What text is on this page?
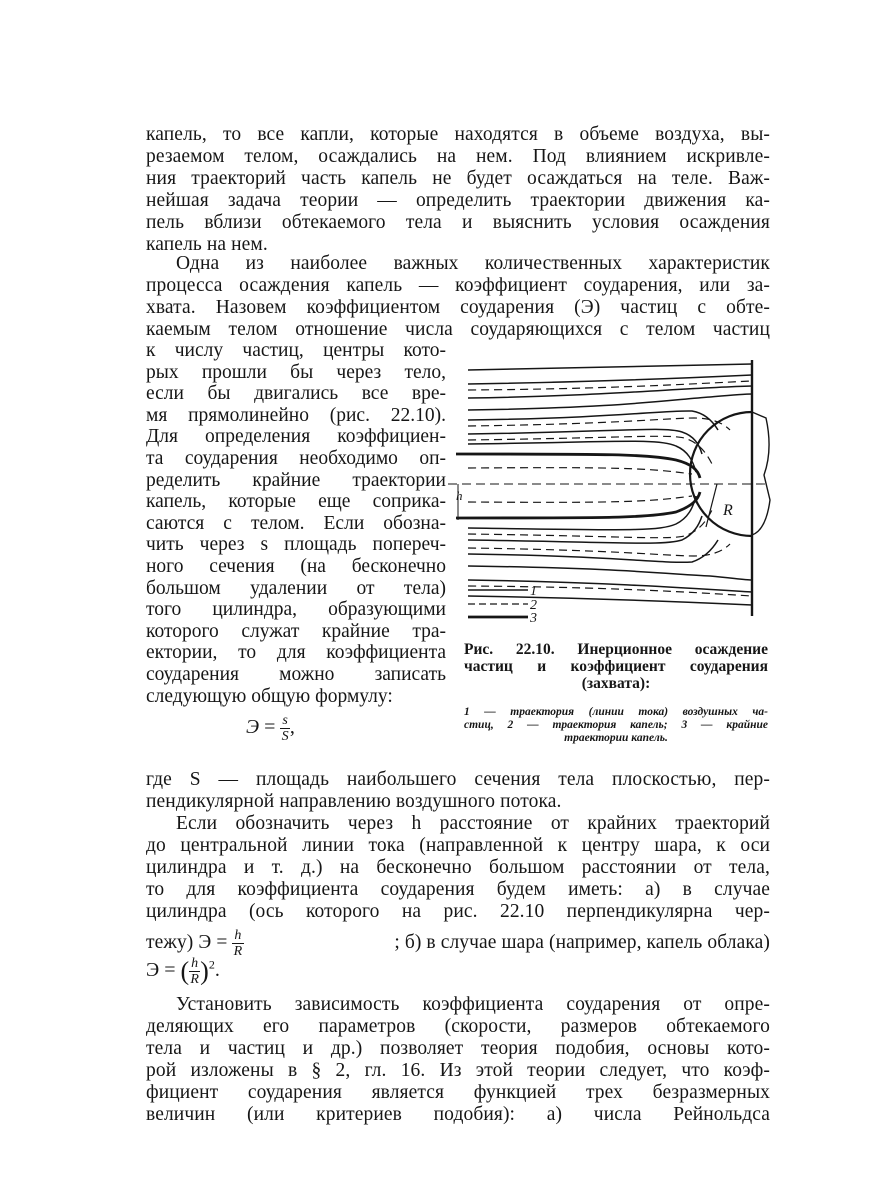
капель, то все капли, которые находятся в объеме воздуха, вы-
резаемом телом, осаждались на нем. Под влиянием искривле-
ния траекторий часть капель не будет осаждаться на теле. Важ-
нейшая задача теории — определить траектории движения ка-
пель вблизи обтекаемого тела и выяснить условия осаждения
капель на нем.
Одна из наиболее важных количественных характеристик
процесса осаждения капель — коэффициент соударения, или за-
хвата. Назовем коэффициентом соударения (Э) частиц с обте-
каемым телом отношение числа соударяющихся с телом частиц
к числу частиц, центры кото-
рых прошли бы через тело,
если бы двигались все вре-
мя прямолинейно (рис. 22.10).
Для определения коэффициен-
та соударения необходимо оп-
ределить крайние траектории
капель, которые еще соприка-
саются с телом. Если обозна-
чить через s площадь попереч-
ного сечения (на бесконечно
большом удалении от тела)
того цилиндра, образующими
которого служат крайние тра-
ектории, то для коэффициента
соударения можно записать
следующую общую формулу:
$Э = \frac{s}{S}$ ,
R
h
1
2
3
Рис. 22.10. Инерционное осаждение
частиц и коэффициент соударения
(захвата):
1 — траектория (линии тока) воздушных ча-
стиц, 2 — траектория капель; 3 — крайние
траектории капель.
где S — площадь наибольшего сечения тела плоскостью, пер-
пендикулярной направлению воздушного потока.
Если обозначить через h расстояние от крайних траекторий
до центральной линии тока (направленной к центру шара, к оси
цилиндра и т. д.) на бесконечно большом расстоянии от тела,
то для коэффициента соударения будем иметь: а) в случае
цилиндра (ось которого на рис. 22.10 перпендикулярна чер-
тежу) $Э = \frac{h}{R}$	; б) в случае шара (например, капель облака)
Э = ( $\frac{h}{R} )^2$.
Установить зависимость коэффициента соударения от опре-
деляющих его параметров (скорости, размеров обтекаемого
тела и частиц и др.) позволяет теория подобия, основы кото-
рой изложены в § 2, гл. 16. Из этой теории следует, что коэф-
фициент соударения является функцией трех безразмерных
величин (или критериев подобия): а) числа Рейнольдса
